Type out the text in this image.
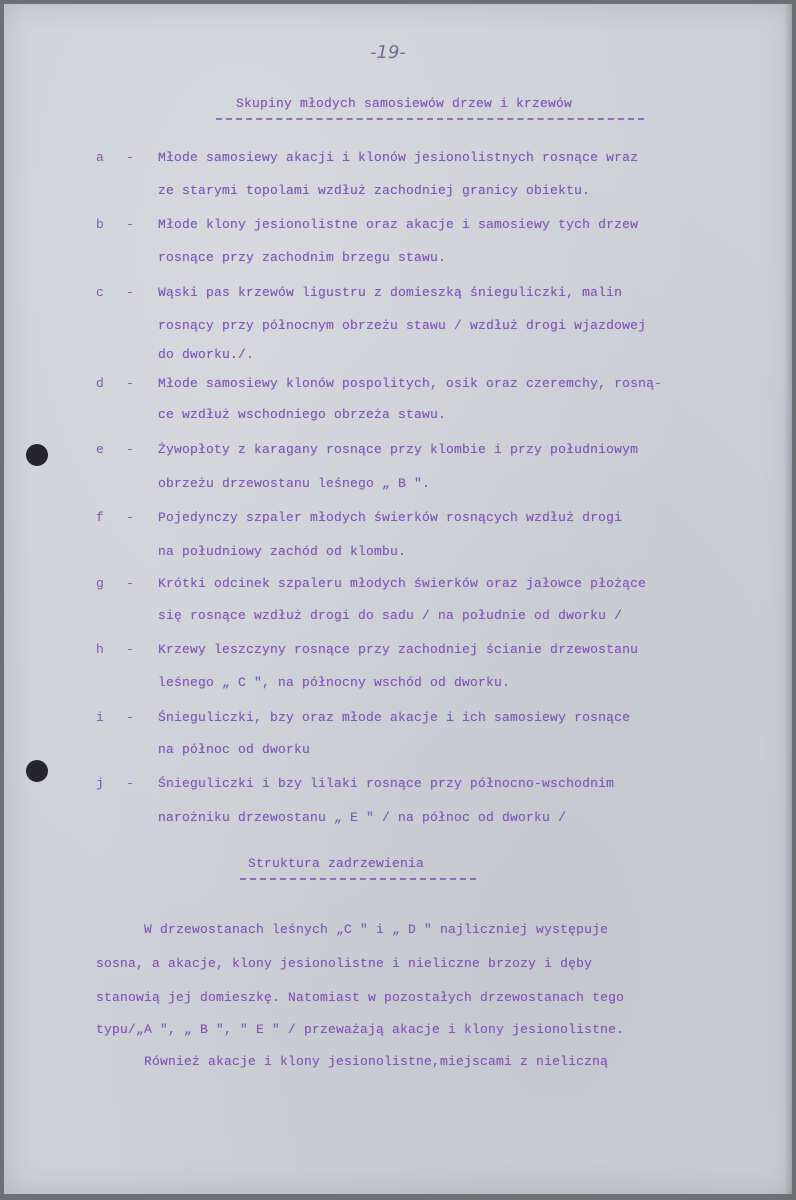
-19-
Skupiny młodych samosiewów drzew i krzewów
a - Młode samosiewy akacji i klonów jesionolistnych rosnące wraz
ze starymi topolami wzdłuż zachodniej granicy obiektu.
b - Młode klony jesionolistne oraz akacje i samosiewy tych drzew
rosnące przy zachodnim brzegu stawu.
c - Wąski pas krzewów ligustru z domieszką śnieguliczki, malin
rosnący przy północnym obrzeżu stawu / wzdłuż drogi wjazdowej
do dworku./.
d - Młode samosiewy klonów pospolitych, osik oraz czeremchy, rosną-
ce wzdłuż wschodniego obrzeża stawu.
e - Żywopłoty z karagany rosnące przy klombie i przy południowym
obrzeżu drzewostanu leśnego „ B ".
f - Pojedynczy szpaler młodych świerków rosnących wzdłuż drogi
na południowy zachód od klombu.
g - Krótki odcinek szpaleru młodych świerków oraz jałowce płożące
się rosnące wzdłuż drogi do sadu / na południe od dworku /
h - Krzewy leszczyny rosnące przy zachodniej ścianie drzewostanu
leśnego „ C ", na północny wschód od dworku.
i - Śnieguliczki, bzy oraz młode akacje i ich samosiewy rosnące
na północ od dworku
j - Śnieguliczki i bzy lilaki rosnące przy północno-wschodnim
narożniku drzewostanu „ E " / na północ od dworku /
Struktura zadrzewienia
W drzewostanach leśnych „C " i „ D " najliczniej występuje
sosna, a akacje, klony jesionolistne i nieliczne brzozy i dęby
stanowią jej domieszkę. Natomiast w pozostałych drzewostanach tego
typu/„A ", „ B ", " E " / przeważają akacje i klony jesionolistne.
Również akacje i klony jesionolistne,miejscami z nieliczną
